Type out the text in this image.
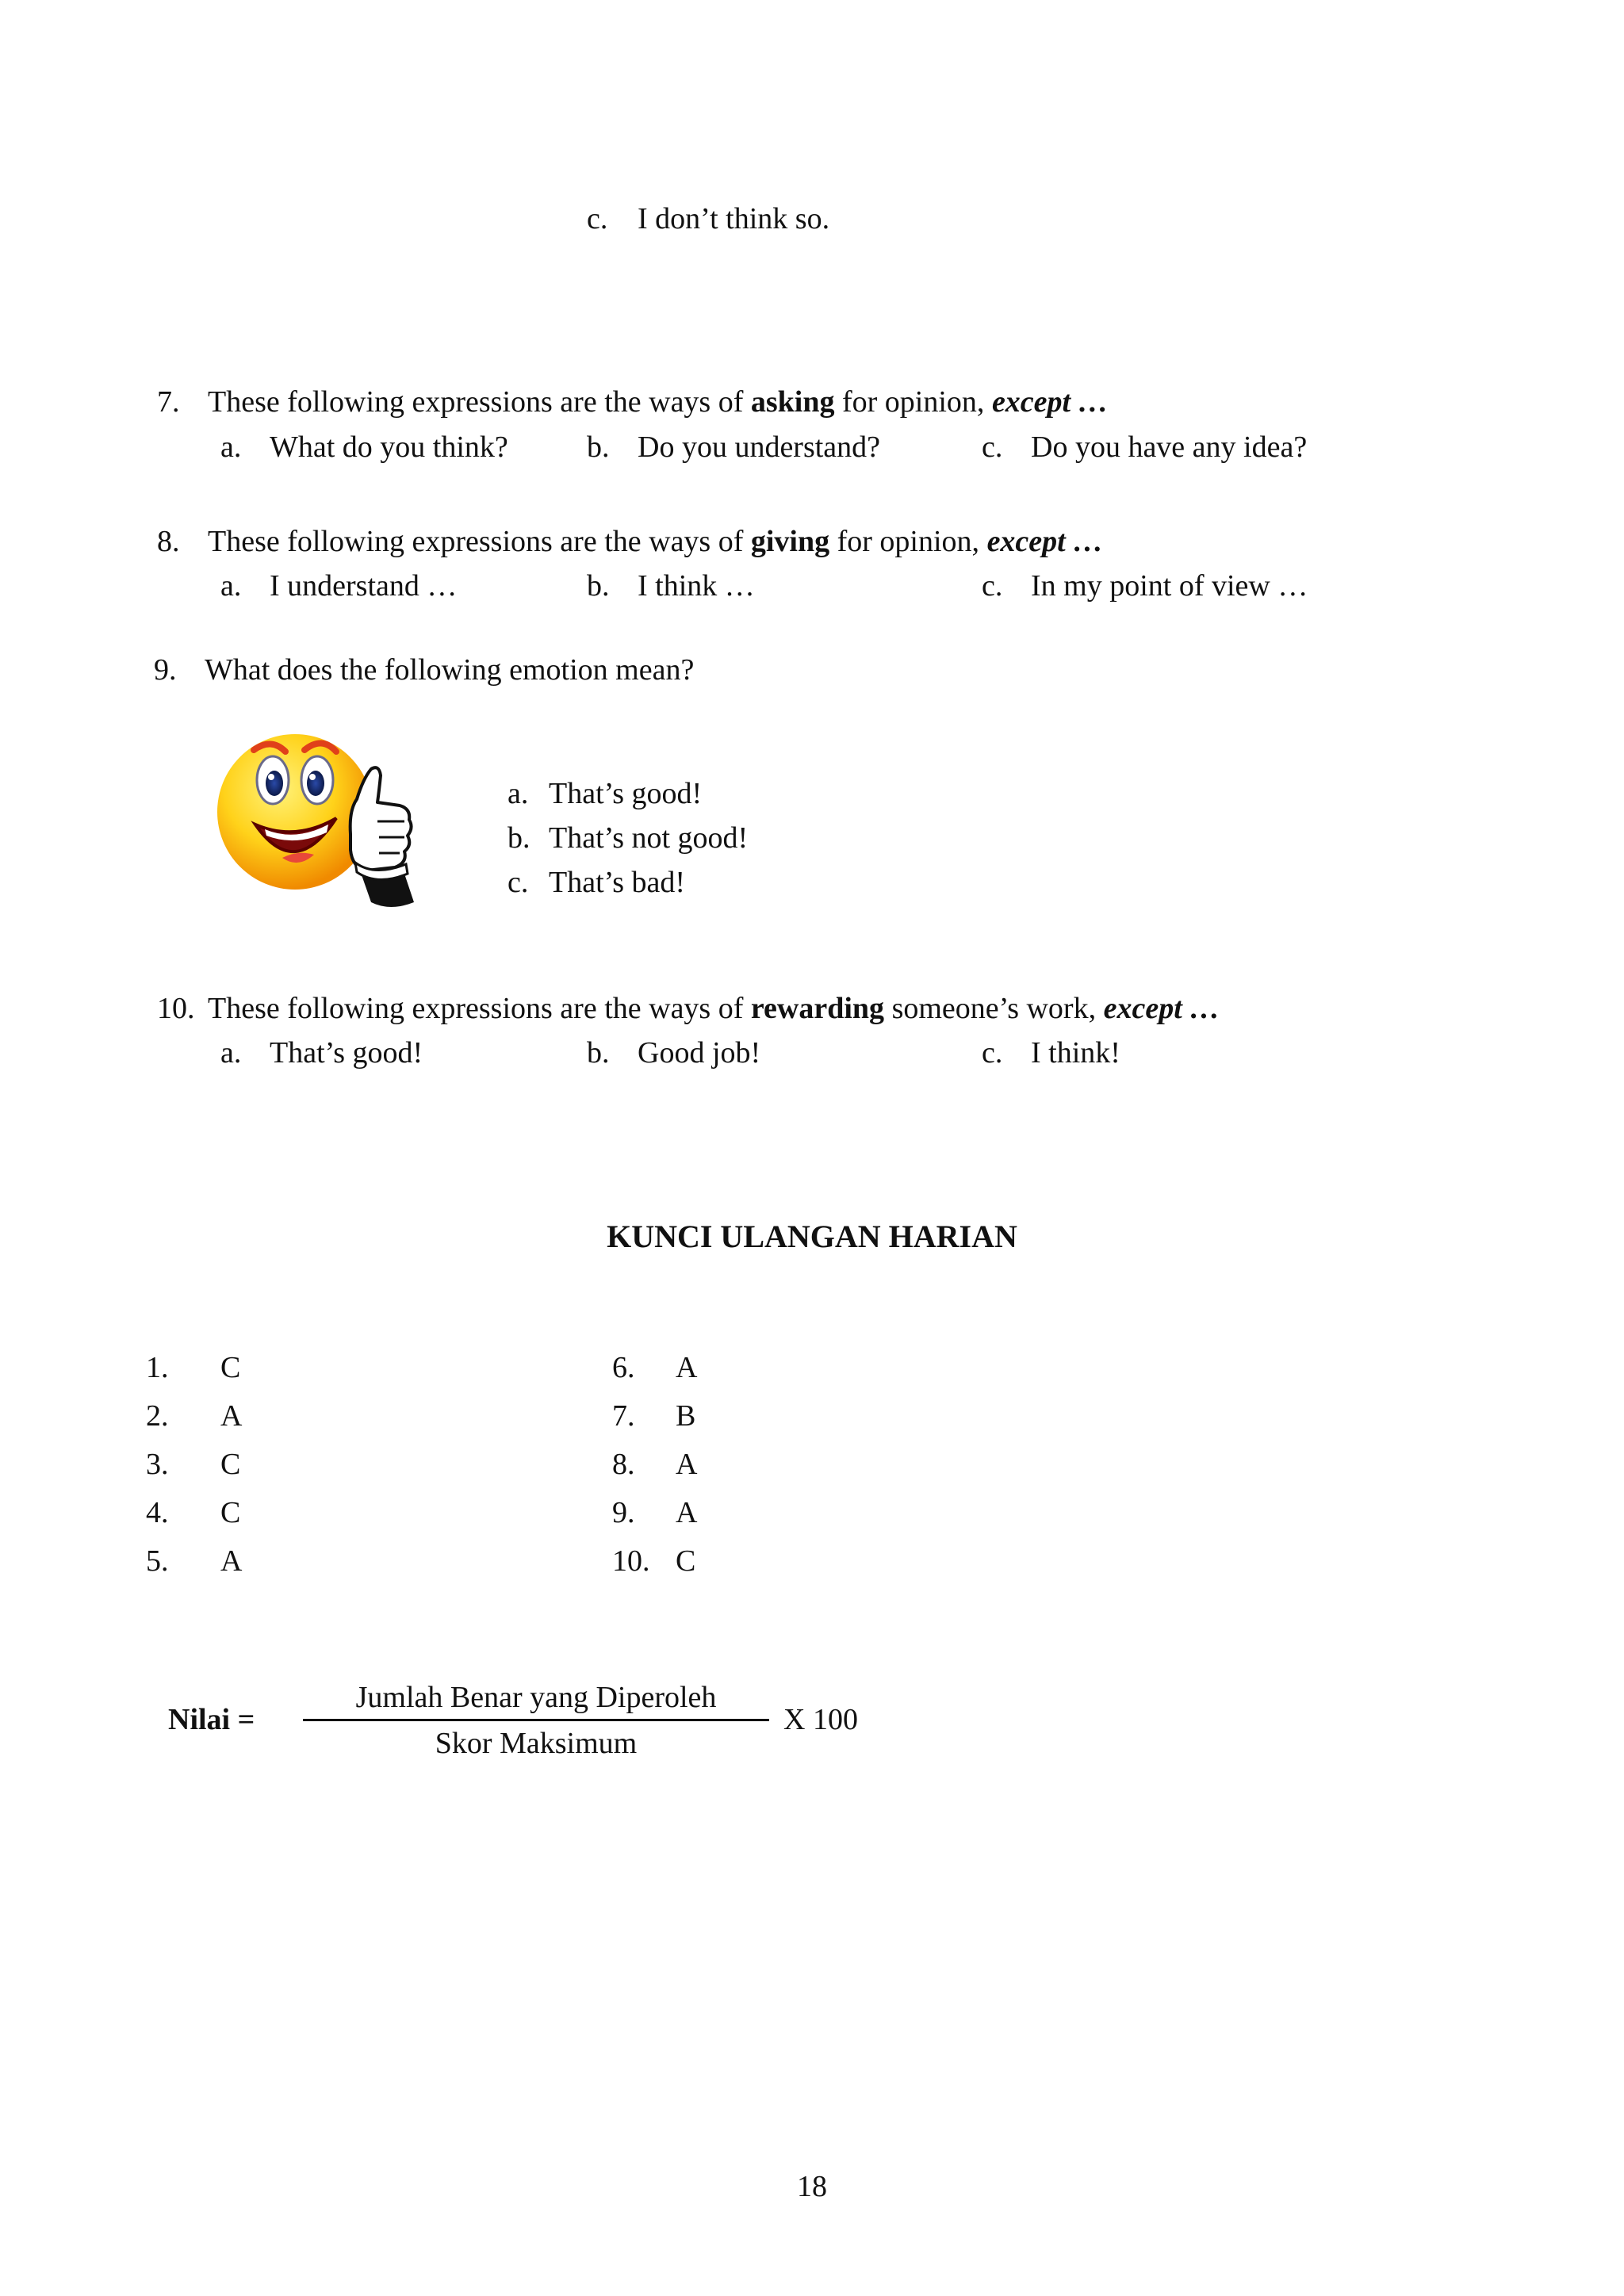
c. I don’t think so.
7. These following expressions are the ways of asking for opinion, except …
a. What do you think?	b. Do you understand?	c. Do you have any idea?
8. These following expressions are the ways of giving for opinion, except …
a. I understand …	b. I think …	c. In my point of view …
9. What does the following emotion mean?
a. That’s good!
b. That’s not good!
c. That’s bad!
10. These following expressions are the ways of rewarding someone’s work, except …
a. That’s good!	b. Good job!	c. I think!
KUNCI ULANGAN HARIAN
1. C
2. A
3. C
4. C
5. A
6. A
7. B
8. A
9. A
10. C
Nilai =
Jumlah Benar yang Diperoleh
Skor Maksimum
X 100
18
